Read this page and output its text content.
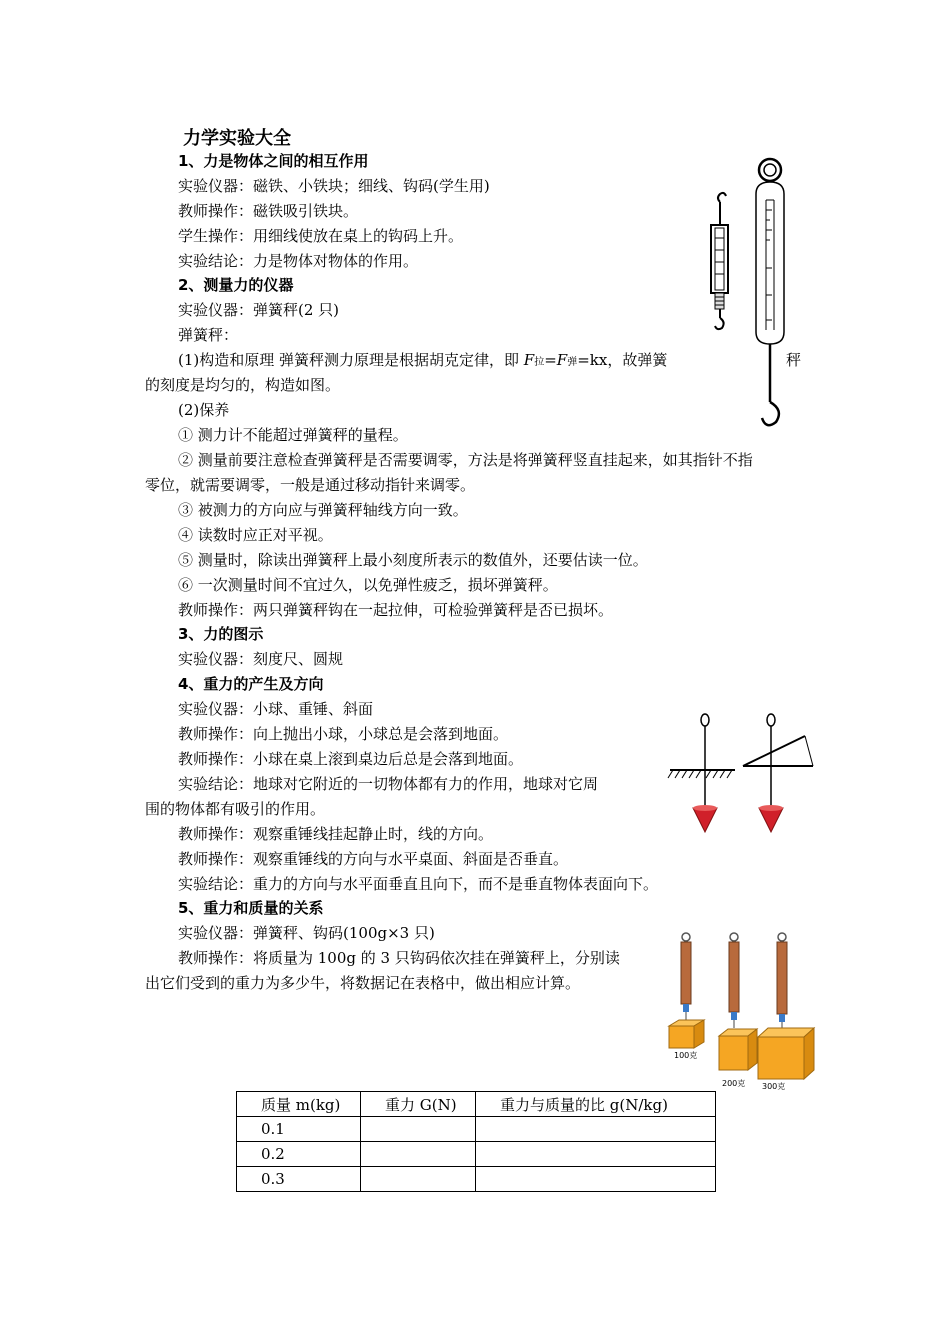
力学实验大全
1、力是物体之间的相互作用
实验仪器：磁铁、小铁块；细线、钩码(学生用)
教师操作：磁铁吸引铁块。
学生操作：用细线使放在桌上的钩码上升。
实验结论：力是物体对物体的作用。
2、测量力的仪器
实验仪器：弹簧秤(2 只)
弹簧秤：
(1)构造和原理 弹簧秤测力原理是根据胡克定律，即 F拉=F弹=kx，故弹簧	秤
的刻度是均匀的，构造如图。
(2)保养
① 测力计不能超过弹簧秤的量程。
② 测量前要注意检查弹簧秤是否需要调零，方法是将弹簧秤竖直挂起来，如其指针不指
零位，就需要调零，一般是通过移动指针来调零。
③ 被测力的方向应与弹簧秤轴线方向一致。
④ 读数时应正对平视。
⑤ 测量时，除读出弹簧秤上最小刻度所表示的数值外，还要估读一位。
⑥ 一次测量时间不宜过久，以免弹性疲乏，损坏弹簧秤。
教师操作：两只弹簧秤钩在一起拉伸，可检验弹簧秤是否已损坏。
3、力的图示
实验仪器：刻度尺、圆规
4、重力的产生及方向
实验仪器：小球、重锤、斜面
教师操作：向上抛出小球，小球总是会落到地面。
教师操作：小球在桌上滚到桌边后总是会落到地面。
实验结论：地球对它附近的一切物体都有力的作用，地球对它周
围的物体都有吸引的作用。
教师操作：观察重锤线挂起静止时，线的方向。
教师操作：观察重锤线的方向与水平桌面、斜面是否垂直。
实验结论：重力的方向与水平面垂直且向下，而不是垂直物体表面向下。
5、重力和质量的关系
实验仪器：弹簧秤、钩码(100g×3 只)
教师操作：将质量为 100g 的 3 只钩码依次挂在弹簧秤上，分别读
出它们受到的重力为多少牛，将数据记在表格中，做出相应计算。
100克
200克 300克
质量 m(kg)	重力 G(N)	重力与质量的比 g(N/kg)
0.1		
0.2		
0.3		
